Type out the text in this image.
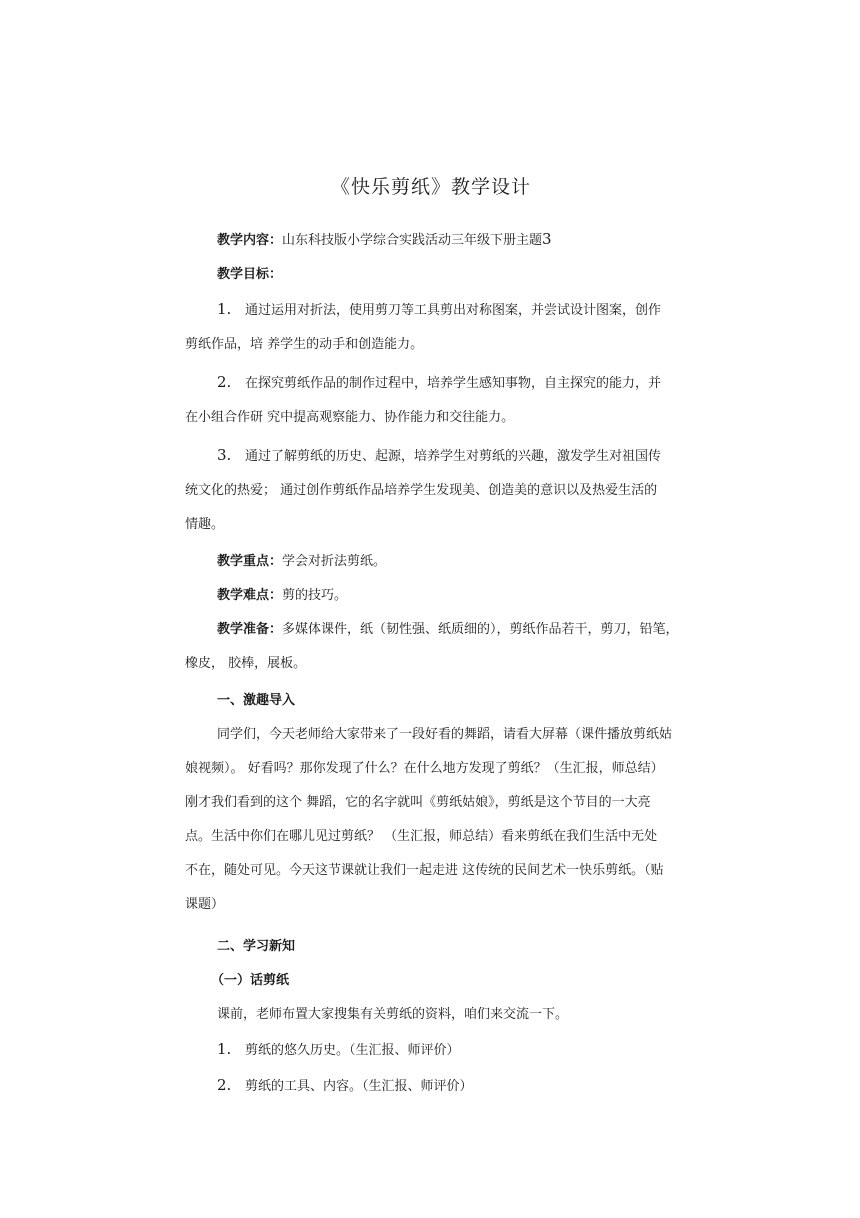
《快乐剪纸》教学设计

教学内容：山东科技版小学综合实践活动三年级下册主题3

教学目标：

1. 通过运用对折法，使用剪刀等工具剪出对称图案，并尝试设计图案，创作

剪纸作品，培 养学生的动手和创造能力。

2. 在探究剪纸作品的制作过程中，培养学生感知事物，自主探究的能力，并

在小组合作研 究中提高观察能力、协作能力和交往能力。

3. 通过了解剪纸的历史、起源，培养学生对剪纸的兴趣，激发学生对祖国传

统文化的热爱； 通过创作剪纸作品培养学生发现美、创造美的意识以及热爱生活的

情趣。

教学重点：学会对折法剪纸。

教学难点：剪的技巧。

教学准备：多媒体课件，纸（韧性强、纸质细的），剪纸作品若干，剪刀，铅笔，

橡皮， 胶棒，展板。

一、激趣导入

同学们，今天老师给大家带来了一段好看的舞蹈，请看大屏幕（课件播放剪纸姑

娘视频）。 好看吗？那你发现了什么？在什么地方发现了剪纸？（生汇报，师总结）

刚才我们看到的这个 舞蹈，它的名字就叫《剪纸姑娘》，剪纸是这个节目的一大亮

点。生活中你们在哪儿见过剪纸？ （生汇报，师总结）看来剪纸在我们生活中无处

不在，随处可见。今天这节课就让我们一起走进 这传统的民间艺术一快乐剪纸。（贴

课题）

二、学习新知

（一）话剪纸

课前，老师布置大家搜集有关剪纸的资料，咱们来交流一下。

1. 剪纸的悠久历史。（生汇报、师评价）

2. 剪纸的工具、内容。（生汇报、师评价）
